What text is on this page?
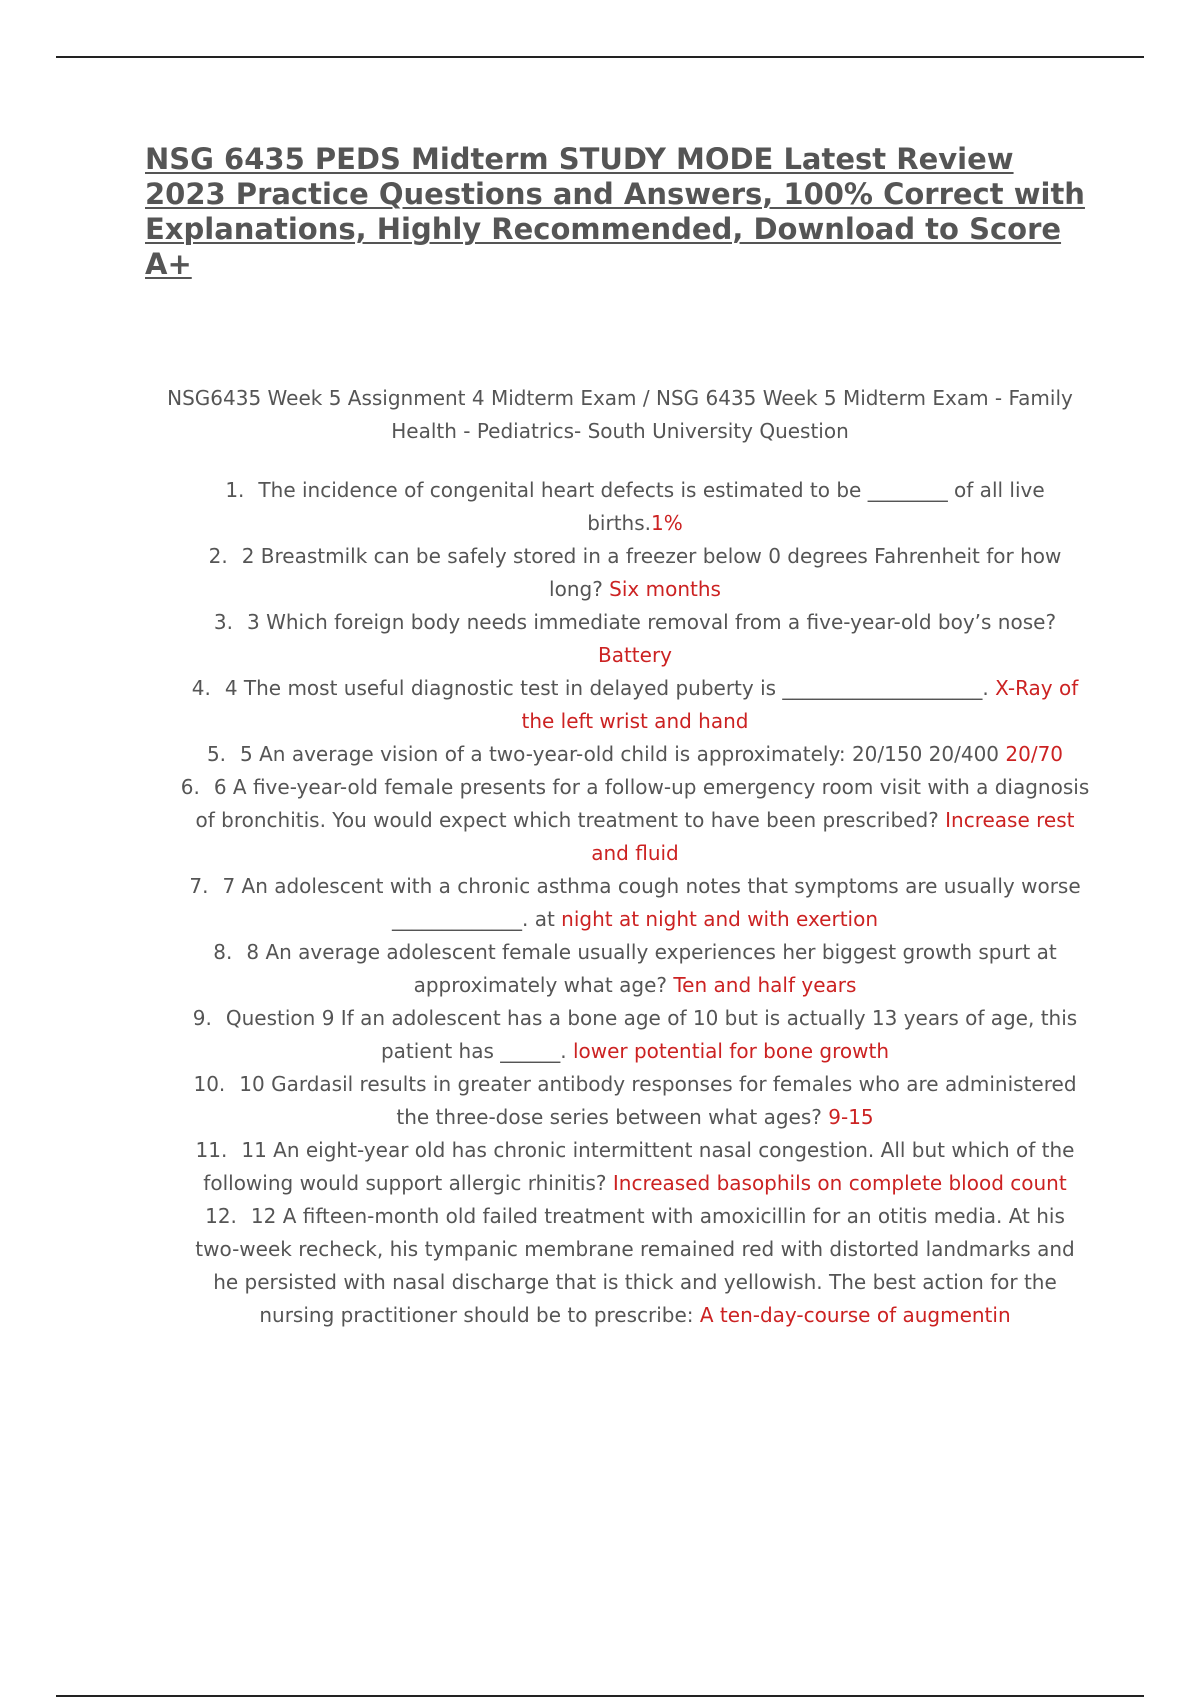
NSG 6435 PEDS Midterm STUDY MODE Latest Review 2023 Practice Questions and Answers, 100% Correct with Explanations, Highly Recommended, Download to Score A+
NSG6435 Week 5 Assignment 4 Midterm Exam / NSG 6435 Week 5 Midterm Exam - Family Health - Pediatrics- South University Question
1. The incidence of congenital heart defects is estimated to be ________ of all live births.1%
2. 2 Breastmilk can be safely stored in a freezer below 0 degrees Fahrenheit for how long? Six months
3. 3 Which foreign body needs immediate removal from a five-year-old boy’s nose? Battery
4. 4 The most useful diagnostic test in delayed puberty is ____________________. X-Ray of the left wrist and hand
5. 5 An average vision of a two-year-old child is approximately: 20/150 20/400 20/70
6. 6 A five-year-old female presents for a follow-up emergency room visit with a diagnosis of bronchitis. You would expect which treatment to have been prescribed? Increase rest and fluid
7. 7 An adolescent with a chronic asthma cough notes that symptoms are usually worse _____________. at night at night and with exertion
8. 8 An average adolescent female usually experiences her biggest growth spurt at approximately what age? Ten and half years
9. Question 9 If an adolescent has a bone age of 10 but is actually 13 years of age, this patient has ______. lower potential for bone growth
10. 10 Gardasil results in greater antibody responses for females who are administered the three-dose series between what ages? 9-15
11. 11 An eight-year old has chronic intermittent nasal congestion. All but which of the following would support allergic rhinitis? Increased basophils on complete blood count
12. 12 A fifteen-month old failed treatment with amoxicillin for an otitis media. At his two-week recheck, his tympanic membrane remained red with distorted landmarks and he persisted with nasal discharge that is thick and yellowish. The best action for the nursing practitioner should be to prescribe: A ten-day-course of augmentin
